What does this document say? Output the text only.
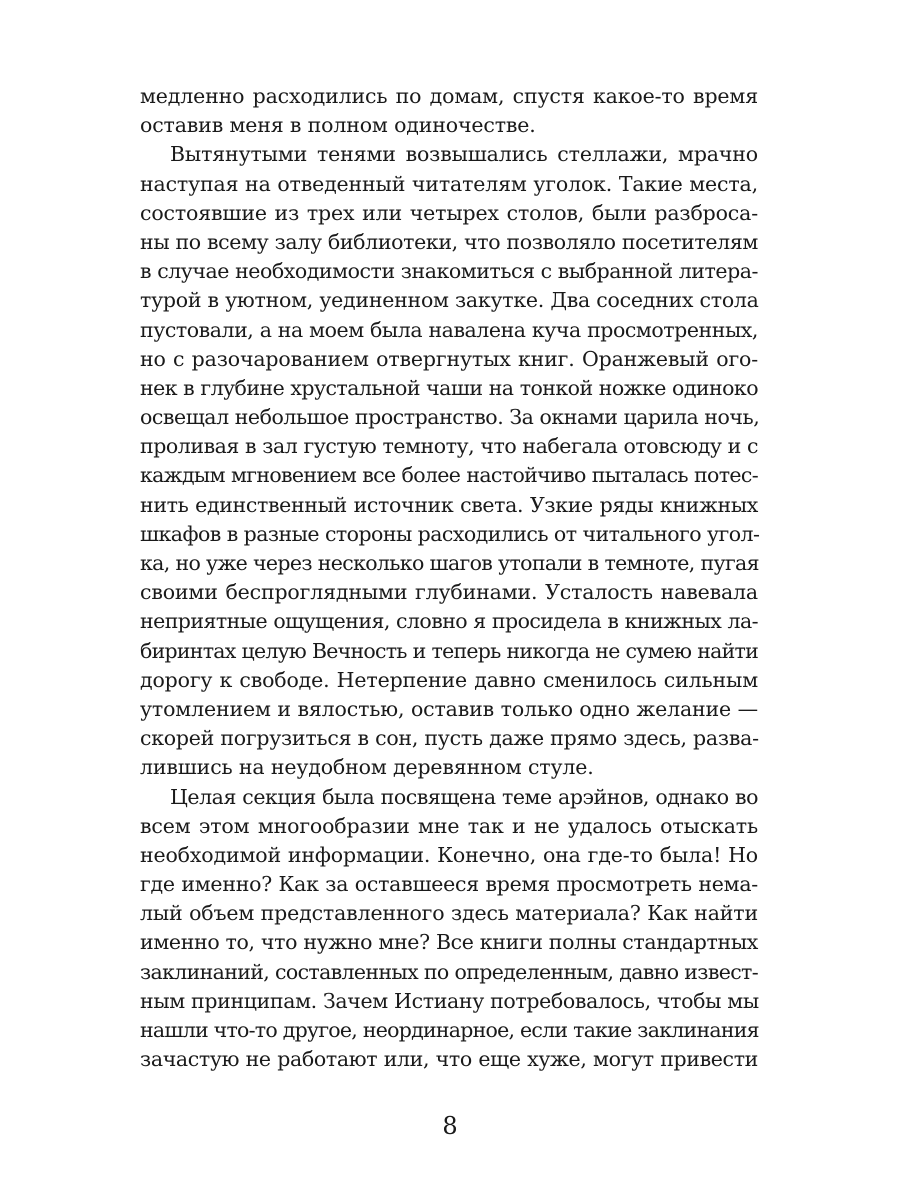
медленно расходились по домам, спустя какое-то время
оставив меня в полном одиночестве.
Вытянутыми тенями возвышались стеллажи, мрачно
наступая на отведенный читателям уголок. Такие места,
состоявшие из трех или четырех столов, были разброса-
ны по всему залу библиотеки, что позволяло посетителям
в случае необходимости знакомиться с выбранной литера-
турой в уютном, уединенном закутке. Два соседних стола
пустовали, а на моем была навалена куча просмотренных,
но с разочарованием отвергнутых книг. Оранжевый ого-
нек в глубине хрустальной чаши на тонкой ножке одиноко
освещал небольшое пространство. За окнами царила ночь,
проливая в зал густую темноту, что набегала отовсюду и с
каждым мгновением все более настойчиво пыталась потес-
нить единственный источник света. Узкие ряды книжных
шкафов в разные стороны расходились от читального угол-
ка, но уже через несколько шагов утопали в темноте, пугая
своими беспроглядными глубинами. Усталость навевала
неприятные ощущения, словно я просидела в книжных ла-
биринтах целую Вечность и теперь никогда не сумею найти
дорогу к свободе. Нетерпение давно сменилось сильным
утомлением и вялостью, оставив только одно желание —
скорей погрузиться в сон, пусть даже прямо здесь, разва-
лившись на неудобном деревянном стуле.
Целая секция была посвящена теме арэйнов, однако во
всем этом многообразии мне так и не удалось отыскать
необходимой информации. Конечно, она где-то была! Но
где именно? Как за оставшееся время просмотреть нема-
лый объем представленного здесь материала? Как найти
именно то, что нужно мне? Все книги полны стандартных
заклинаний, составленных по определенным, давно извест-
ным принципам. Зачем Истиану потребовалось, чтобы мы
нашли что-то другое, неординарное, если такие заклинания
зачастую не работают или, что еще хуже, могут привести
8
